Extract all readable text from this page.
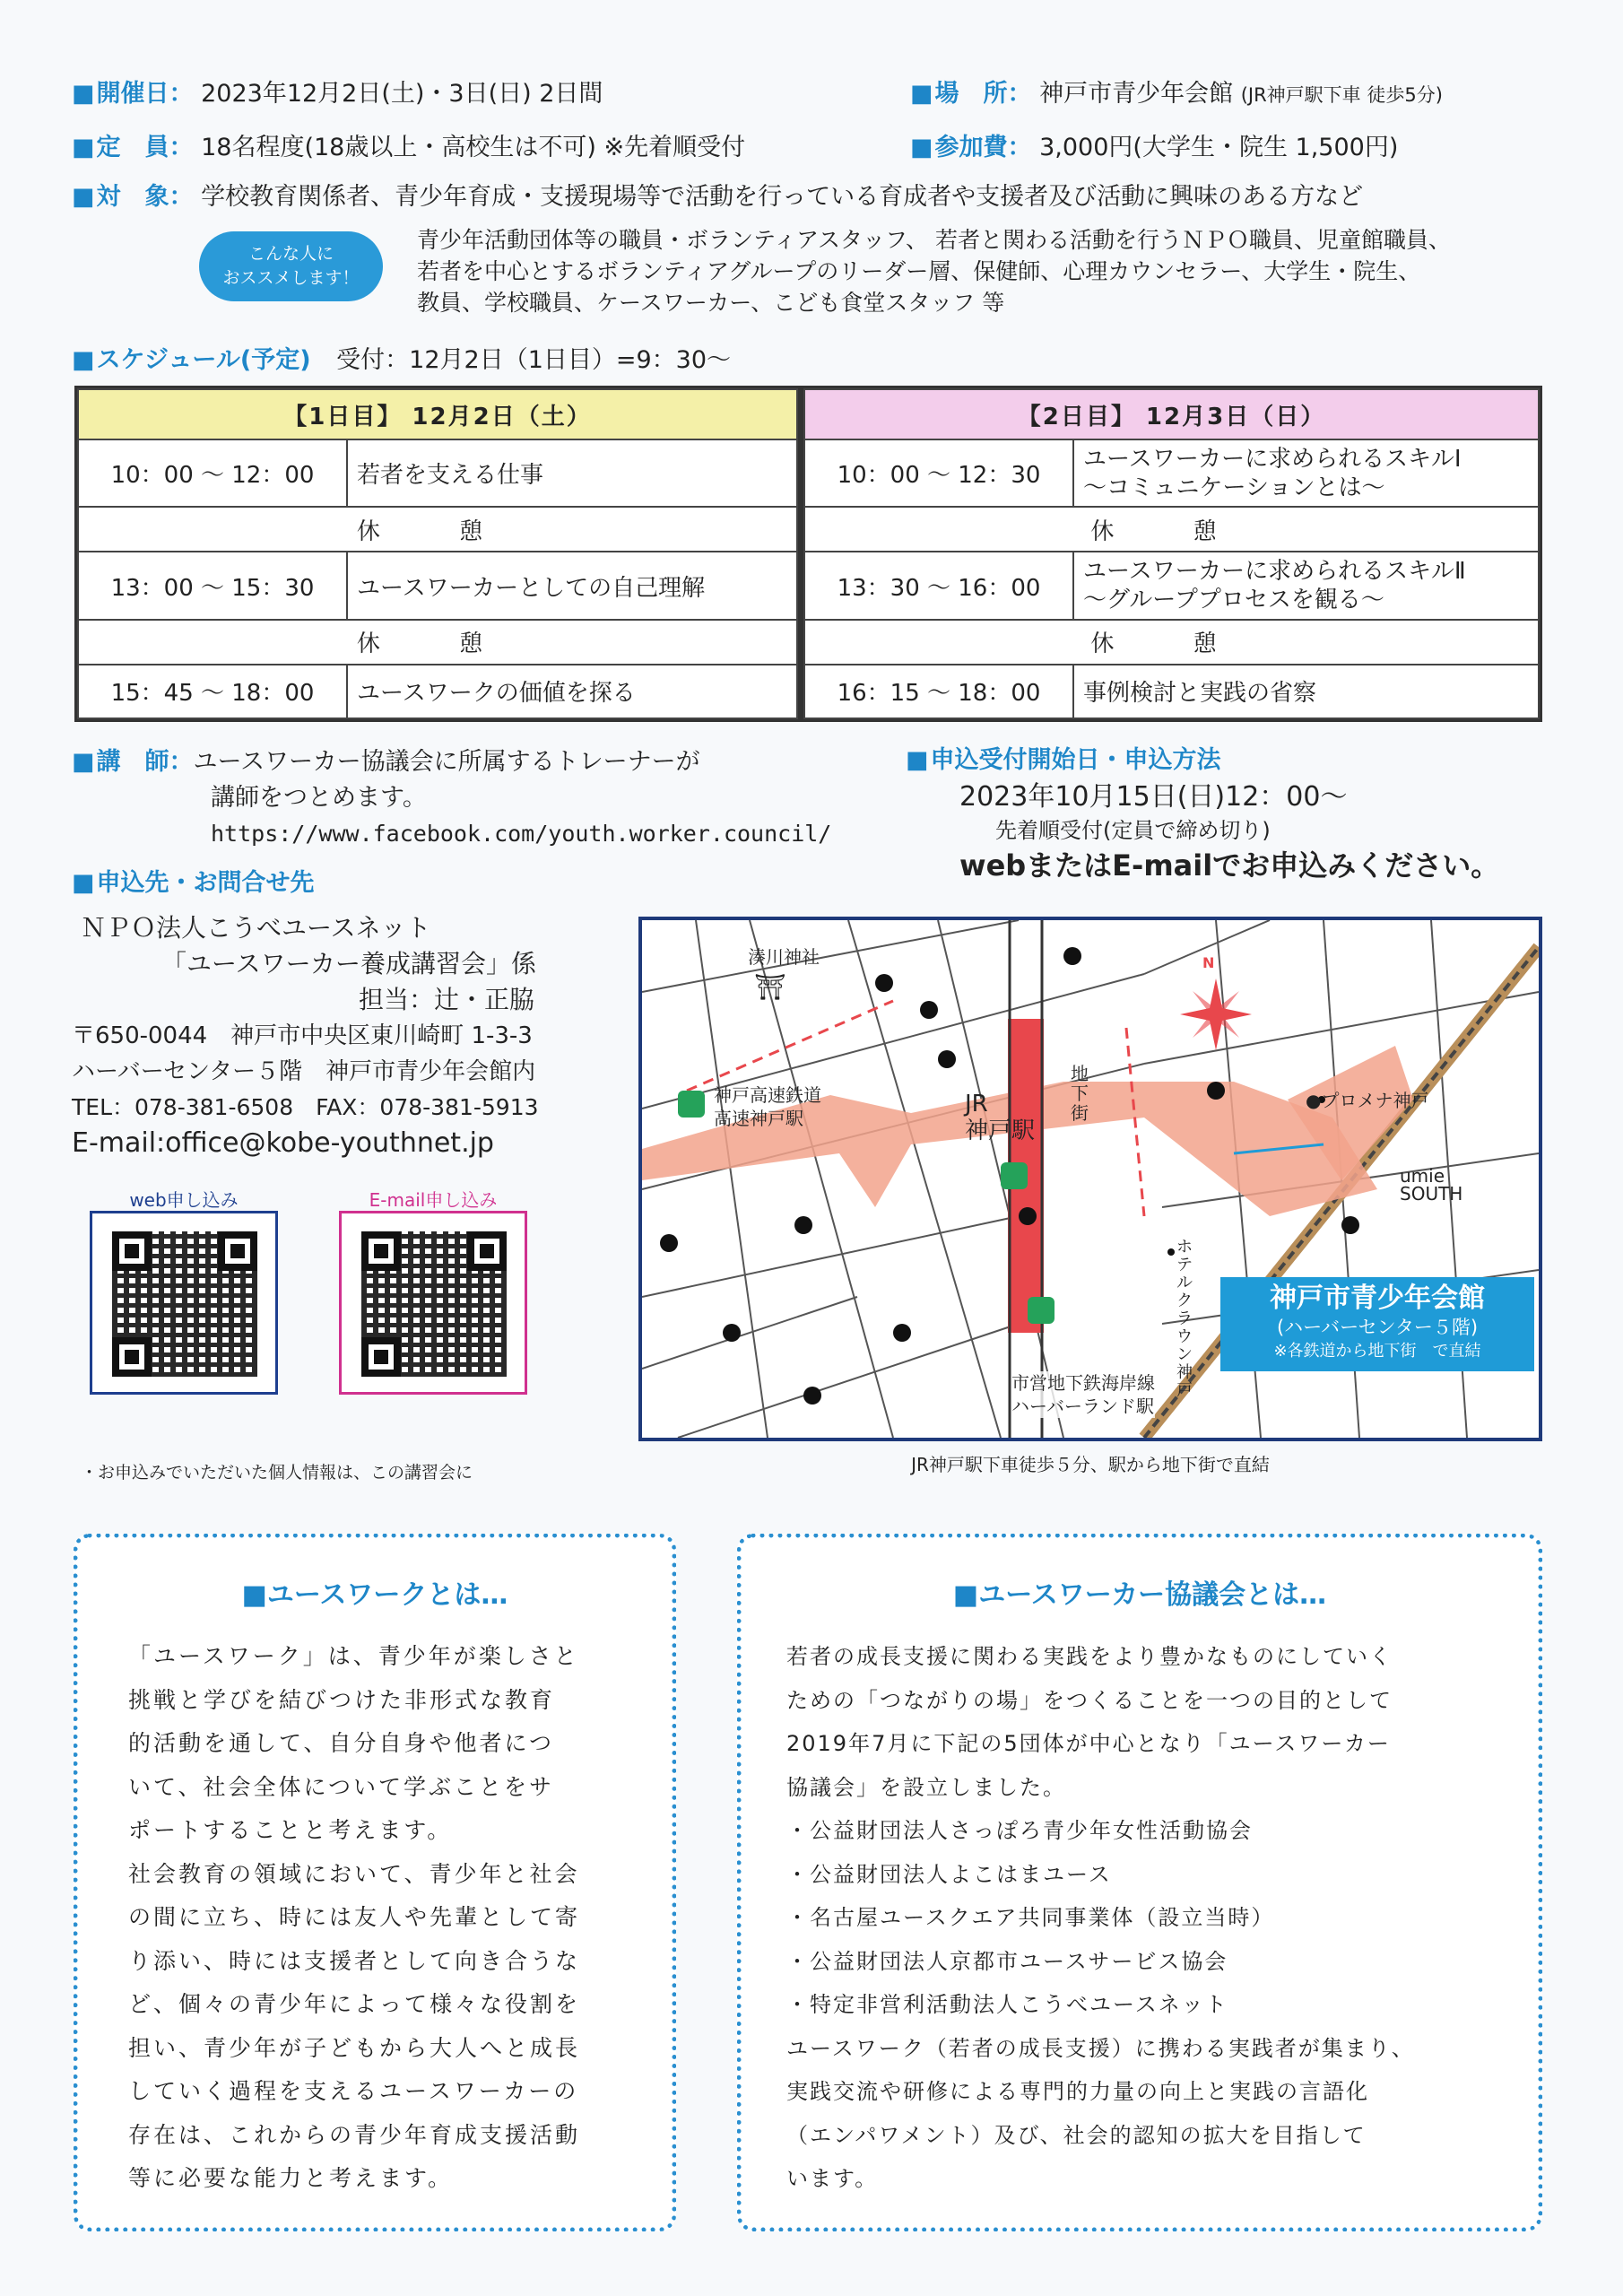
■ 開催日： 2023年12月2日(土)・3日(日) 2日間	■ 場　所： 神戸市青少年会館 (JR神戸駅下車 徒歩5分)
■ 定　員： 18名程度(18歳以上・高校生は不可) ※先着順受付	■ 参加費： 3,000円(大学生・院生 1,500円)
■ 対　象： 学校教育関係者、青少年育成・支援現場等で活動を行っている育成者や支援者及び活動に興味のある方など
こんな人に
おススメします！
青少年活動団体等の職員・ボランティアスタッフ、 若者と関わる活動を行うＮＰＯ職員、児童館職員、
若者を中心とするボランティアグループのリーダー層、保健師、心理カウンセラー、大学生・院生、
教員、学校職員、ケースワーカー、こども食堂スタッフ 等
■ スケジュール(予定) 受付：12月2日（1日目）=9：30～
【1日目】 12月2日（土）	
10：00 ～ 12：00	若者を支える仕事
休 憩	
13：00 ～ 15：30	ユースワーカーとしての自己理解
休 憩	
15：45 ～ 18：00	ユースワークの価値を探る
【2日目】 12月3日（日）	
10：00 ～ 12：30	ユースワーカーに求められるスキルⅠ
～コミュニケーションとは～

休 憩	
13：30 ～ 16：00	ユースワーカーに求められるスキルⅡ
～グループプロセスを観る～

休 憩	
16：15 ～ 18：00	事例検討と実践の省察
■ 講　師：ユースワーカー協議会に所属するトレーナーが
講師をつとめます。
https://www.facebook.com/youth.worker.council/
■ 申込受付開始日・申込方法
2023年10月15日(日)12：00～
先着順受付(定員で締め切り)
webまたはE-mailでお申込みください。
■ 申込先・お問合せ先
ＮＰＯ法人こうべユースネット
「ユースワーカー養成講習会」係
担当：辻・正脇
〒650-0044　神戸市中央区東川崎町 1-3-3
ハーバーセンター５階　神戸市青少年会館内
TEL：078-381-6508　FAX：078-381-5913
E-mail:office@kobe-youthnet.jp
web申し込み	E-mail申し込み

・お申込みでいただいた個人情報は、この講習会に

湊川神社
⛩
神戸高速鉄道
高速神戸駅
JR
神戸駅
地下街
●プロメナ神戸
umie
SOUTH
ホテルクラウン神戸
市営地下鉄海岸線
ハーバーランド駅
N
神戸市青少年会館
(ハーバーセンター５階)
※各鉄道から地下街　で直結
JR神戸駅下車徒歩５分、駅から地下街で直結
■ユースワークとは…
「ユースワーク」は、青少年が楽しさと
挑戦と学びを結びつけた非形式な教育
的活動を通して、自分自身や他者につ
いて、社会全体について学ぶことをサ
ポートすることと考えます。
社会教育の領域において、青少年と社会
の間に立ち、時には友人や先輩として寄
り添い、時には支援者として向き合うな
ど、個々の青少年によって様々な役割を
担い、青少年が子どもから大人へと成長
していく過程を支えるユースワーカーの
存在は、これからの青少年育成支援活動
等に必要な能力と考えます。
■ユースワーカー協議会とは…
若者の成長支援に関わる実践をより豊かなものにしていく
ための「つながりの場」をつくることを一つの目的として
2019年7月に下記の5団体が中心となり「ユースワーカー
協議会」を設立しました。
・公益財団法人さっぽろ青少年女性活動協会
・公益財団法人よこはまユース
・名古屋ユースクエア共同事業体（設立当時）
・公益財団法人京都市ユースサービス協会
・特定非営利活動法人こうべユースネット
ユースワーク（若者の成長支援）に携わる実践者が集まり、
実践交流や研修による専門的力量の向上と実践の言語化
（エンパワメント）及び、社会的認知の拡大を目指して
います。
